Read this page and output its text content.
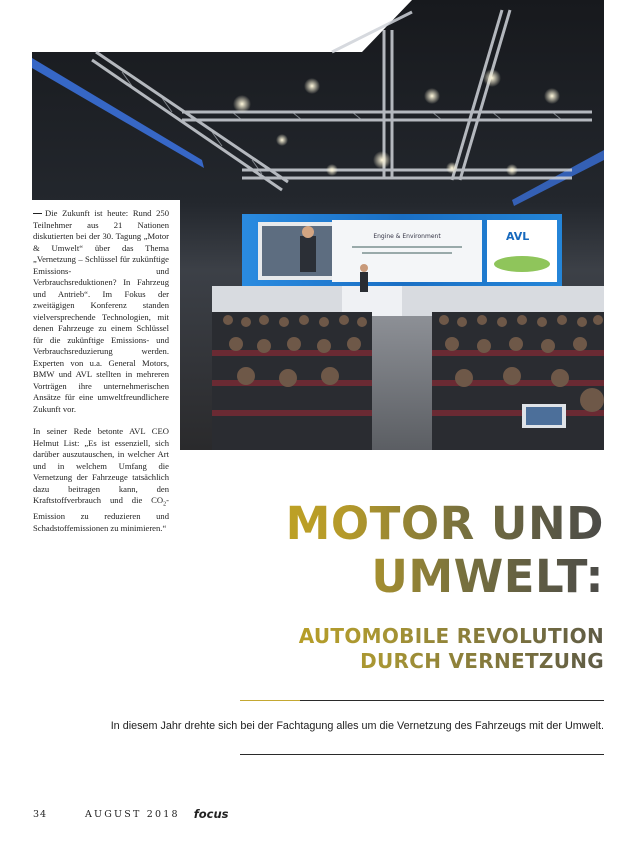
Engine & Environment	AVL

Die Zukunft ist heute: Rund 250 Teilnehmer aus 21 Nationen diskutierten bei der 30. Tagung „Motor & Umwelt“ über das Thema „Vernetzung – Schlüssel für zukünftige Emissions- und Verbrauchsreduktionen? In Fahrzeug und Antrieb“. Im Fokus der zweitägigen Konferenz standen vielversprechende Technologien, mit denen Fahrzeuge zu einem Schlüssel für die zukünftige Emissions- und Verbrauchsreduzierung werden. Experten von u.a. General Motors, BMW und AVL stellten in mehreren Vorträgen ihre unternehmerischen Ansätze für eine umweltfreundlichere Zukunft vor.

In seiner Rede betonte AVL CEO Helmut List: „Es ist essenziell, sich darüber auszutauschen, in welcher Art und in welchem Umfang die Vernetzung der Fahrzeuge tatsächlich dazu beitragen kann, den Kraftstoffverbrauch und die $CO_2$-Emission zu reduzieren und Schadstoffemissionen zu minimieren.“	MOTOR UND
UMWELT:
AUTOMOBILE REVOLUTION
DURCH VERNETZUNG
In diesem Jahr drehte sich bei der Fachtagung alles um die Vernetzung des Fahrzeugs mit der Umwelt.
34	AUGUST 2018 focus
